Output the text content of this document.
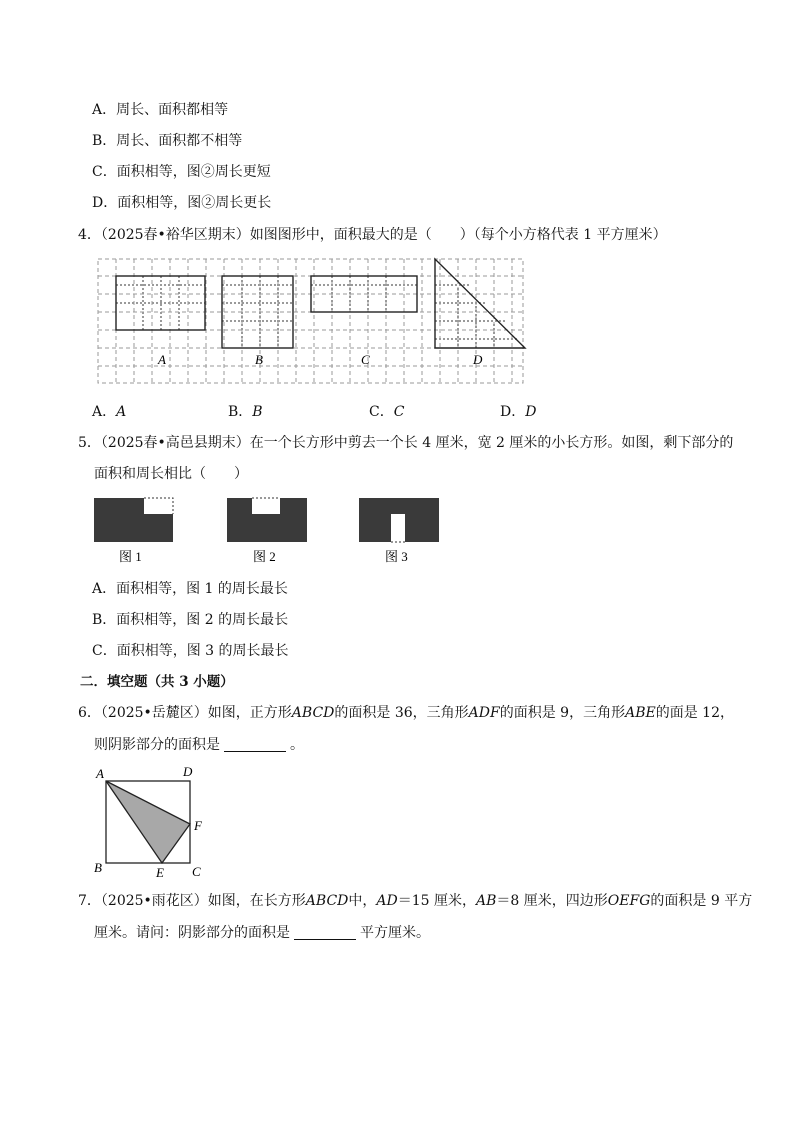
A．周长、面积都相等
B．周长、面积都不相等
C．面积相等，图②周长更短
D．面积相等，图②周长更长
4．（2025春•裕华区期末）如图图形中，面积最大的是（　　）（每个小方格代表 1 平方厘米）
A	B	C	D
A．A	B．B	C．C	D．D
5．（2025春•高邑县期末）在一个长方形中剪去一个长 4 厘米，宽 2 厘米的小长方形。如图，剩下部分的
面积和周长相比（　　）
图 1	图 2	图 3
A．面积相等，图 1 的周长最长
B．面积相等，图 2 的周长最长
C．面积相等，图 3 的周长最长
二．填空题（共 3 小题）
6．（2025•岳麓区）如图，正方形ABCD的面积是 36，三角形ADF的面积是 9，三角形ABE的面是 12，
则阴影部分的面积是	。
A	D
F
B	E C
7．（2025•雨花区）如图，在长方形ABCD中，AD＝15 厘米，AB＝8 厘米，四边形OEFG的面积是 9 平方
厘米。请问：阴影部分的面积是	平方厘米。
